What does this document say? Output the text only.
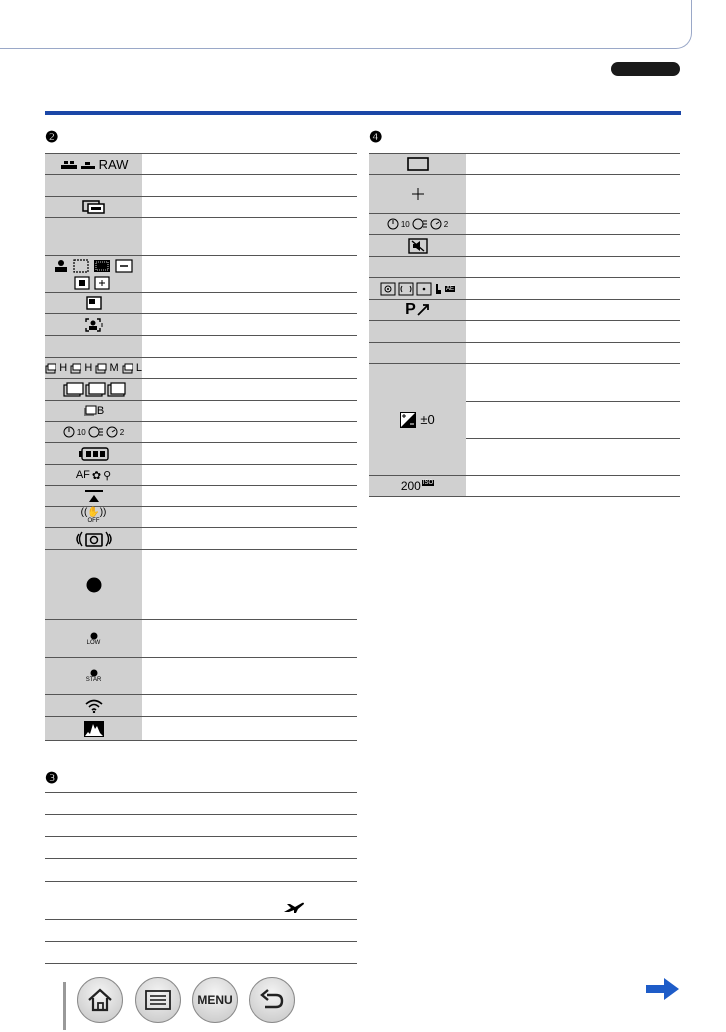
❷
RAW
H H M L
B
10	2
AF ✿ ⚲
((✋))
OFF
LOW
STAR
❸
❹
10	2
AE
P
±0
200 ISO
MENU
